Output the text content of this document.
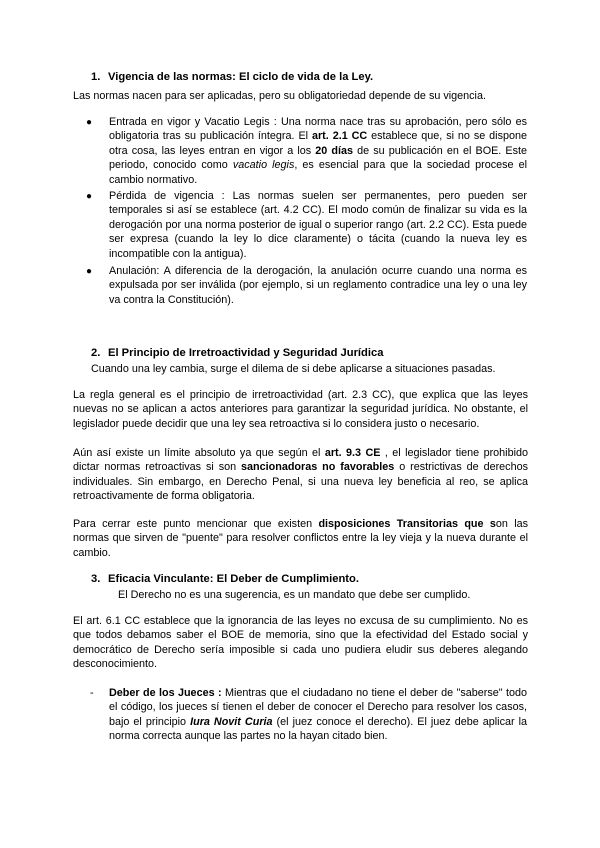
1. Vigencia de las normas: El ciclo de vida de la Ley.
Las normas nacen para ser aplicadas, pero su obligatoriedad depende de su vigencia.
● Entrada en vigor y Vacatio Legis : Una norma nace tras su aprobación, pero sólo es obligatoria tras su publicación íntegra. El art. 2.1 CC establece que, si no se dispone otra cosa, las leyes entran en vigor a los 20 días de su publicación en el BOE. Este periodo, conocido como vacatio legis, es esencial para que la sociedad procese el cambio normativo.
● Pérdida de vigencia : Las normas suelen ser permanentes, pero pueden ser temporales si así se establece (art. 4.2 CC). El modo común de finalizar su vida es la derogación por una norma posterior de igual o superior rango (art. 2.2 CC). Esta puede ser expresa (cuando la ley lo dice claramente) o tácita (cuando la nueva ley es incompatible con la antigua).
● Anulación: A diferencia de la derogación, la anulación ocurre cuando una norma es expulsada por ser inválida (por ejemplo, si un reglamento contradice una ley o una ley va contra la Constitución).
2. El Principio de Irretroactividad y Seguridad Jurídica
Cuando una ley cambia, surge el dilema de si debe aplicarse a situaciones pasadas.
La regla general es el principio de irretroactividad (art. 2.3 CC), que explica que las leyes nuevas no se aplican a actos anteriores para garantizar la seguridad jurídica. No obstante, el legislador puede decidir que una ley sea retroactiva si lo considera justo o necesario.
Aún así existe un límite absoluto ya que según el art. 9.3 CE , el legislador tiene prohibido dictar normas retroactivas si son sancionadoras no favorables o restrictivas de derechos individuales. Sin embargo, en Derecho Penal, si una nueva ley beneficia al reo, se aplica retroactivamente de forma obligatoria.
Para cerrar este punto mencionar que existen disposiciones Transitorias que son las normas que sirven de "puente" para resolver conflictos entre la ley vieja y la nueva durante el cambio.
3. Eficacia Vinculante: El Deber de Cumplimiento.
El Derecho no es una sugerencia, es un mandato que debe ser cumplido.
El art. 6.1 CC establece que la ignorancia de las leyes no excusa de su cumplimiento. No es que todos debamos saber el BOE de memoria, sino que la efectividad del Estado social y democrático de Derecho sería imposible si cada uno pudiera eludir sus deberes alegando desconocimiento.
- Deber de los Jueces : Mientras que el ciudadano no tiene el deber de "saberse" todo el código, los jueces sí tienen el deber de conocer el Derecho para resolver los casos, bajo el principio Iura Novit Curia (el juez conoce el derecho). El juez debe aplicar la norma correcta aunque las partes no la hayan citado bien.
